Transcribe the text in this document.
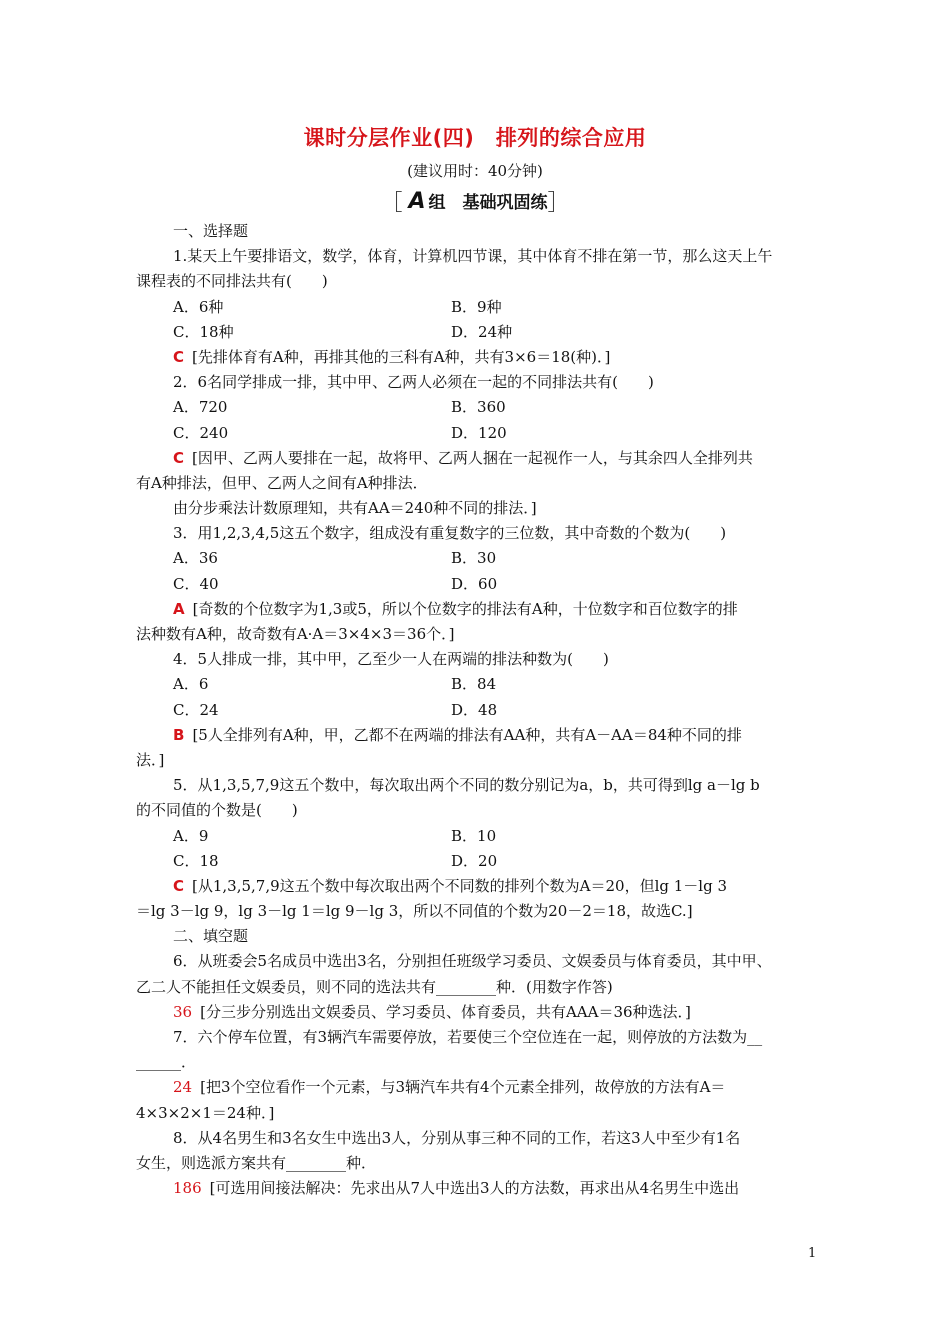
课时分层作业(四)　排列的综合应用
(建议用时：40分钟)
［ A 组　基础巩固练］
一、选择题
1.某天上午要排语文，数学，体育，计算机四节课，其中体育不排在第一节，那么这天上午
课程表的不同排法共有(　　)
A．6种	B．9种
C．18种	D．24种
C [先排体育有A种，再排其他的三科有A种，共有3×6＝18(种)．]
2．6名同学排成一排，其中甲、乙两人必须在一起的不同排法共有(　　)
A．720	B．360
C．240	D．120
C [因甲、乙两人要排在一起，故将甲、乙两人捆在一起视作一人，与其余四人全排列共
有A种排法，但甲、乙两人之间有A种排法．
由分步乘法计数原理知，共有AA＝240种不同的排法．]
3．用1,2,3,4,5这五个数字，组成没有重复数字的三位数，其中奇数的个数为(　　)
A．36	B．30
C．40	D．60
A [奇数的个位数字为1,3或5，所以个位数字的排法有A种，十位数字和百位数字的排
法种数有A种，故奇数有A·A＝3×4×3＝36个．]
4．5人排成一排，其中甲，乙至少一人在两端的排法种数为(　　)
A．6	B．84
C．24	D．48
B [5人全排列有A种，甲，乙都不在两端的排法有AA种，共有A－AA＝84种不同的排
法．]
5．从1,3,5,7,9这五个数中，每次取出两个不同的数分别记为a，b，共可得到lg a－lg b
的不同值的个数是(　　)
A．9	B．10
C．18	D．20
C [从1,3,5,7,9这五个数中每次取出两个不同数的排列个数为A＝20，但lg 1－lg 3
＝lg 3－lg 9，lg 3－lg 1＝lg 9－lg 3，所以不同值的个数为20－2＝18，故选C.]
二、填空题
6．从班委会5名成员中选出3名，分别担任班级学习委员、文娱委员与体育委员，其中甲、
乙二人不能担任文娱委员，则不同的选法共有________种．(用数字作答)
36 [分三步分别选出文娱委员、学习委员、体育委员，共有AAA＝36种选法．]
7．六个停车位置，有3辆汽车需要停放，若要使三个空位连在一起，则停放的方法数为__
______．
24 [把3个空位看作一个元素，与3辆汽车共有4个元素全排列，故停放的方法有A＝
4×3×2×1＝24种．]
8．从4名男生和3名女生中选出3人，分别从事三种不同的工作，若这3人中至少有1名
女生，则选派方案共有________种．
186 [可选用间接法解决：先求出从7人中选出3人的方法数，再求出从4名男生中选出
1
